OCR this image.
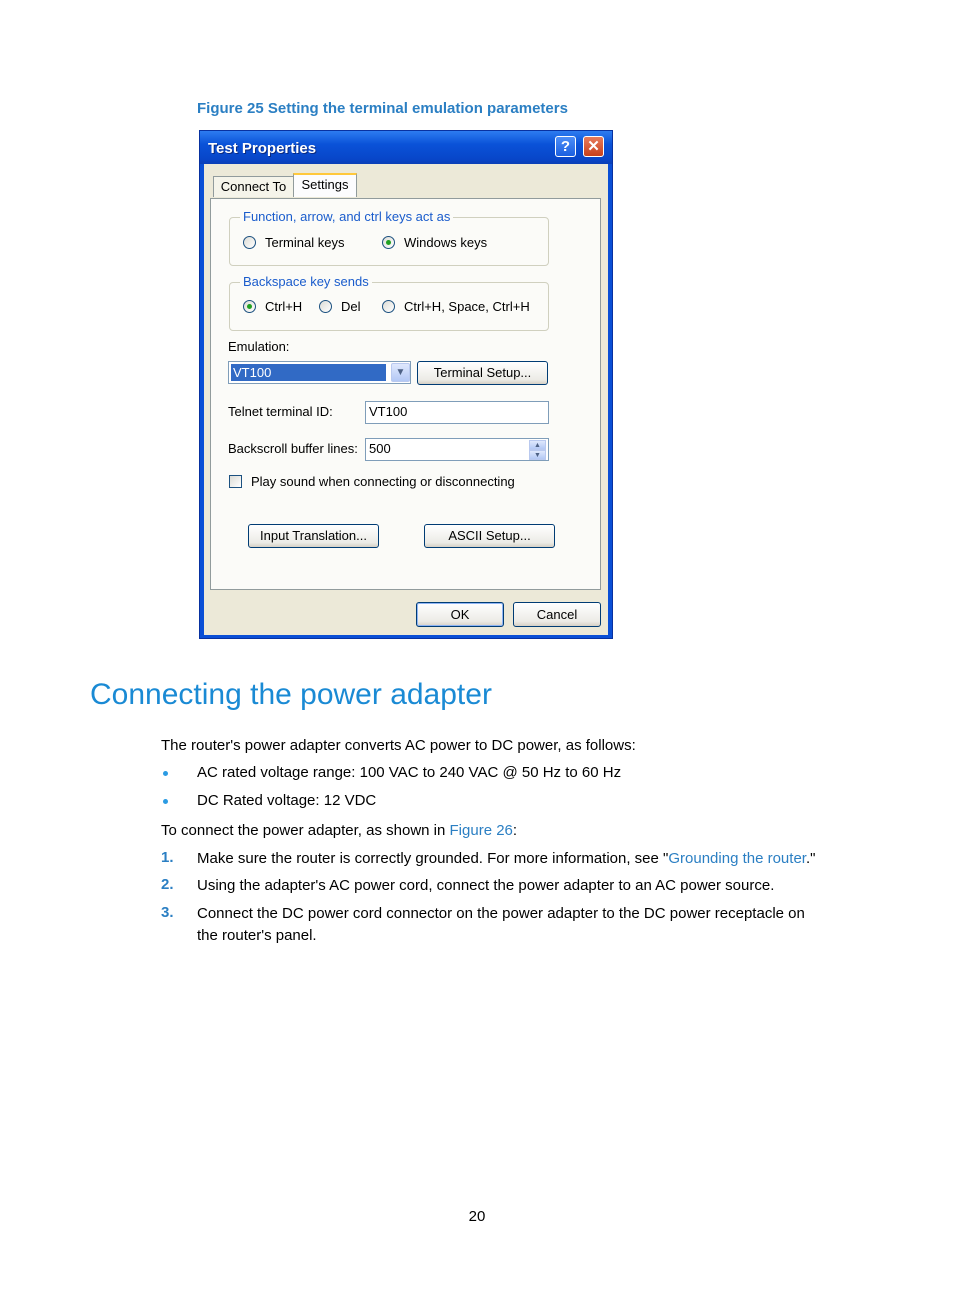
Figure 25 Setting the terminal emulation parameters
Test Properties	?	✕
Connect To	Settings
Function, arrow, and ctrl keys act as
Terminal keys	Windows keys
Backspace key sends
Ctrl+H	Del	Ctrl+H, Space, Ctrl+H
Emulation:
VT100	▼	Terminal Setup...
Telnet terminal ID:	VT100
Backscroll buffer lines: 500	▲
▼
Play sound when connecting or disconnecting
Input Translation...	ASCII Setup...
OK	Cancel
Connecting the power adapter
The router's power adapter converts AC power to DC power, as follows:
AC rated voltage range: 100 VAC to 240 VAC @ 50 Hz to 60 Hz
DC Rated voltage: 12 VDC
To connect the power adapter, as shown in Figure 26:
1. Make sure the router is correctly grounded. For more information, see "Grounding the router."
2. Using the adapter's AC power cord, connect the power adapter to an AC power source.
3. Connect the DC power cord connector on the power adapter to the DC power receptacle on
the router's panel.
20
